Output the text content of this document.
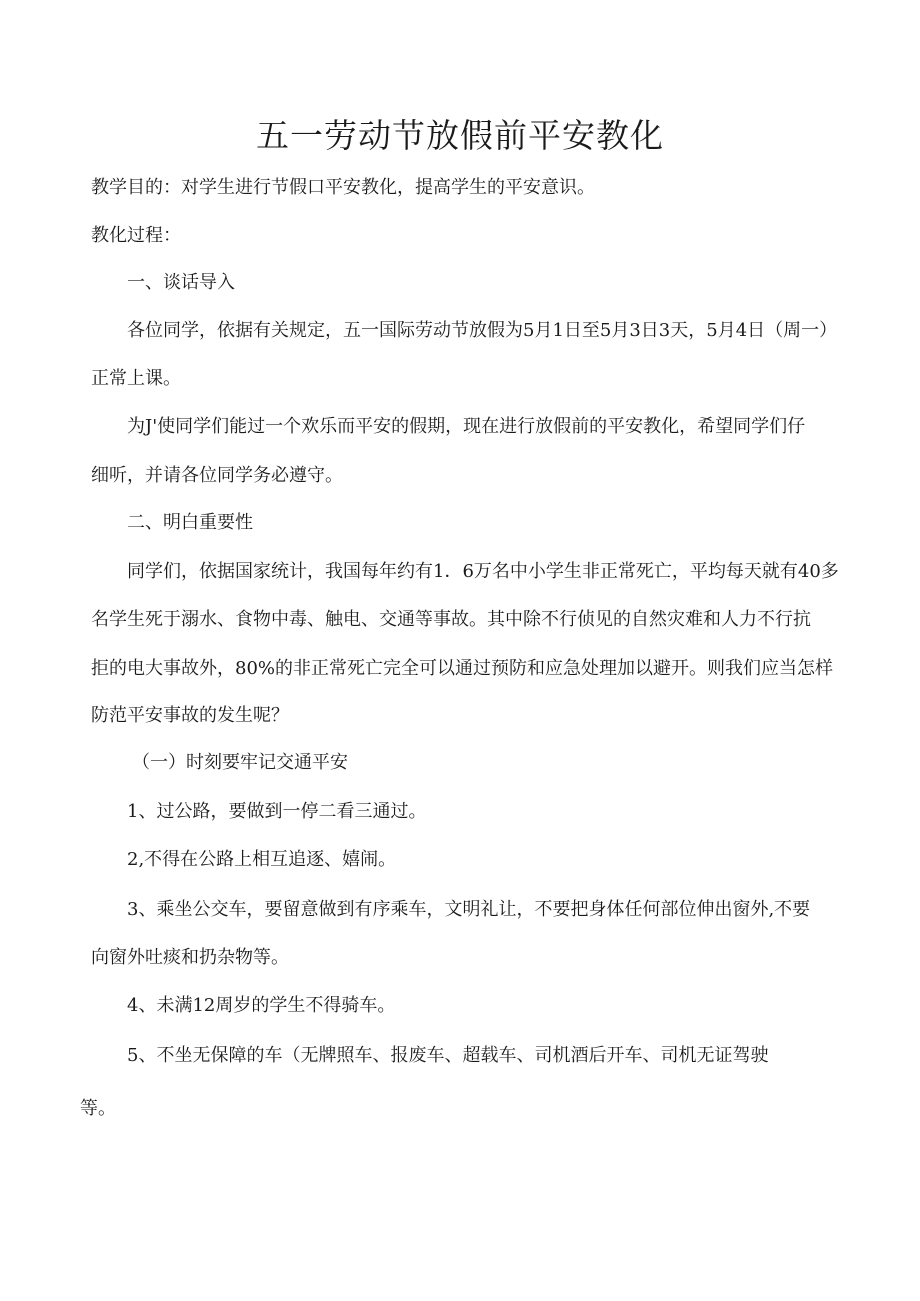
五一劳动节放假前平安教化
教学目的：对学生进行节假口平安教化，提高学生的平安意识。
教化过程：
一、谈话导入
各位同学，依据有关规定，五一国际劳动节放假为5月1日至5月3日3天，5月4日（周一）
正常上课。
为J'使同学们能过一个欢乐而平安的假期，现在进行放假前的平安教化，希望同学们仔
细听，并请各位同学务必遵守。
二、明白重要性
同学们，依据国家统计，我国每年约有1．6万名中小学生非正常死亡，平均每天就有40多
名学生死于溺水、食物中毒、触电、交通等事故。其中除不行侦见的自然灾难和人力不行抗
拒的电大事故外，80%的非正常死亡完全可以通过预防和应急处理加以避开。则我们应当怎样
防范平安事故的发生呢？
（一）时刻要牢记交通平安
1、过公路，要做到一停二看三通过。
2,不得在公路上相互追逐、嬉闹。
3、乘坐公交车，要留意做到有序乘车，文明礼让，不要把身体任何部位伸出窗外,不要
向窗外吐痰和扔杂物等。
4、未满12周岁的学生不得骑车。
5、不坐无保障的车（无牌照车、报废车、超载车、司机酒后开车、司机无证驾驶
等。
